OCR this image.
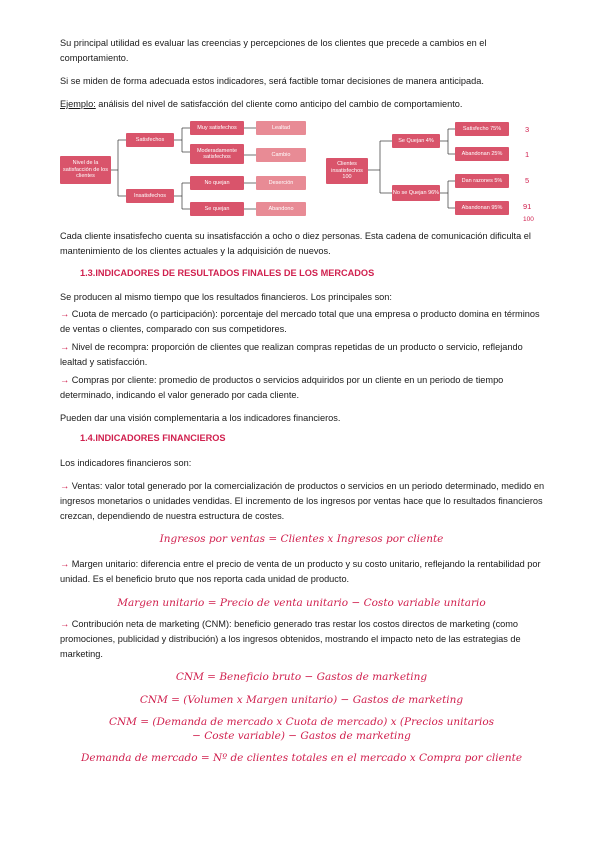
Su principal utilidad es evaluar las creencias y percepciones de los clientes que precede a cambios en el comportamiento.

Si se miden de forma adecuada estos indicadores, será factible tomar decisiones de manera anticipada.

Ejemplo: análisis del nivel de satisfacción del cliente como anticipo del cambio de comportamiento.

Nivel de la satisfacción de los clientes
Satisfechos
Insatisfechos
Muy satisfechos
Moderadamente satisfechos
No quejan
Se quejan
Lealtad
Cambio
Deserción
Abandono
Clientes insatisfechos 100
Se Quejan 4%
No se Quejan 96%
Satisfecho 75%
Abandonan 25%
Dan razones 5%
Abandonan 95%
3
1
5
91
100

Cada cliente insatisfecho cuenta su insatisfacción a ocho o diez personas. Esta cadena de comunicación dificulta el mantenimiento de los clientes actuales y la adquisición de nuevos.

1.3.INDICADORES DE RESULTADOS FINALES DE LOS MERCADOS

Se producen al mismo tiempo que los resultados financieros. Los principales son:

→ Cuota de mercado (o participación): porcentaje del mercado total que una empresa o producto domina en términos de ventas o clientes, comparado con sus competidores.

→ Nivel de recompra: proporción de clientes que realizan compras repetidas de un producto o servicio, reflejando lealtad y satisfacción.

→ Compras por cliente: promedio de productos o servicios adquiridos por un cliente en un periodo de tiempo determinado, indicando el valor generado por cada cliente.

Pueden dar una visión complementaria a los indicadores financieros.

1.4.INDICADORES FINANCIEROS

Los indicadores financieros son:

→ Ventas: valor total generado por la comercialización de productos o servicios en un periodo determinado, medido en ingresos monetarios o unidades vendidas. El incremento de los ingresos por ventas hace que lo resultados financieros crezcan, dependiendo de nuestra estructura de costes.

Ingresos por ventas = Clientes x Ingresos por cliente

→ Margen unitario: diferencia entre el precio de venta de un producto y su costo unitario, reflejando la rentabilidad por unidad. Es el beneficio bruto que nos reporta cada unidad de producto.

Margen unitario = Precio de venta unitario − Costo variable unitario

→ Contribución neta de marketing (CNM): beneficio generado tras restar los costos directos de marketing (como promociones, publicidad y distribución) a los ingresos obtenidos, mostrando el impacto neto de las estrategias de marketing.

CNM = Beneficio bruto − Gastos de marketing

CNM = (Volumen x Margen unitario) − Gastos de marketing

CNM = (Demanda de mercado x Cuota de mercado) x (Precios unitarios

− Coste variable) − Gastos de marketing

Demanda de mercado = Nº de clientes totales en el mercado x Compra por cliente
